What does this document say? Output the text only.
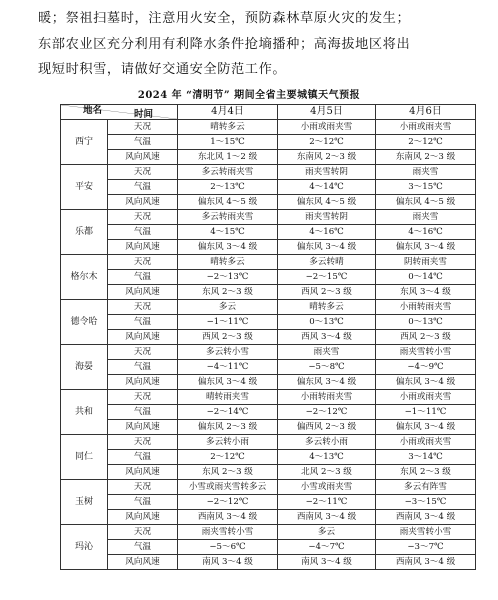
暖；祭祖扫墓时，注意用火安全，预防森林草原火灾的发生；

东部农业区充分利用有利降水条件抢墒播种；高海拔地区将出

现短时积雪，请做好交通安全防范工作。

2024 年 “清明节” 期间全省主要城镇天气预报
时间
地名		4月4日	4月5日	4月6日
西宁	天况	晴转多云	小雨或雨夹雪	小雨或雨夹雪
	气温	1～15℃	2～12℃	2～12℃
	风向风速	东北风 1～2 级	东南风 2～3 级	东南风 2～3 级
平安	天况	多云转雨夹雪	雨夹雪转阴	雨夹雪
	气温	2～13℃	4～14℃	3～15℃
	风向风速	偏东风 4～5 级	偏东风 4～5 级	偏东风 4～5 级
乐都	天况	多云转雨夹雪	雨夹雪转阴	雨夹雪
	气温	4～15℃	4～16℃	4～16℃
	风向风速	偏东风 3～4 级	偏东风 3～4 级	偏东风 3～4 级
格尔木	天况	晴转多云	多云转晴	阴转雨夹雪
	气温	−2～13℃	−2～15℃	0～14℃
	风向风速	东风 2～3 级	西风 2～3 级	东风 3～4 级
德令哈	天况	多云	晴转多云	小雨转雨夹雪
	气温	−1～11℃	0～13℃	0～13℃
	风向风速	西风 2～3 级	西风 3～4 级	西风 2～3 级
海晏	天况	多云转小雪	雨夹雪	雨夹雪转小雪
	气温	−4～11℃	−5～8℃	−4～9℃
	风向风速	偏东风 3～4 级	偏东风 3～4 级	偏东风 3～4 级
共和	天况	晴转雨夹雪	小雨转雨夹雪	小雨或雨夹雪
	气温	−2～14℃	−2～12℃	−1～11℃
	风向风速	偏东风 2～3 级	偏西风 2～3 级	偏东风 3～4 级
同仁	天况	多云转小雨	多云转小雨	小雨或雨夹雪
	气温	2～12℃	4～13℃	3～14℃
	风向风速	东风 2～3 级	北风 2～3 级	东风 2～3 级
玉树	天况	小雪或雨夹雪转多云	小雪或雨夹雪	多云有阵雪
	气温	−2～12℃	−2～11℃	−3～15℃
	风向风速	西南风 3～4 级	西南风 3～4 级	西南风 3～4 级
玛沁	天况	雨夹雪转小雪	多云	雨夹雪转小雪
	气温	−5～6℃	−4～7℃	−3～7℃
	风向风速	南风 3～4 级	南风 3～4 级	西南风 3～4 级
